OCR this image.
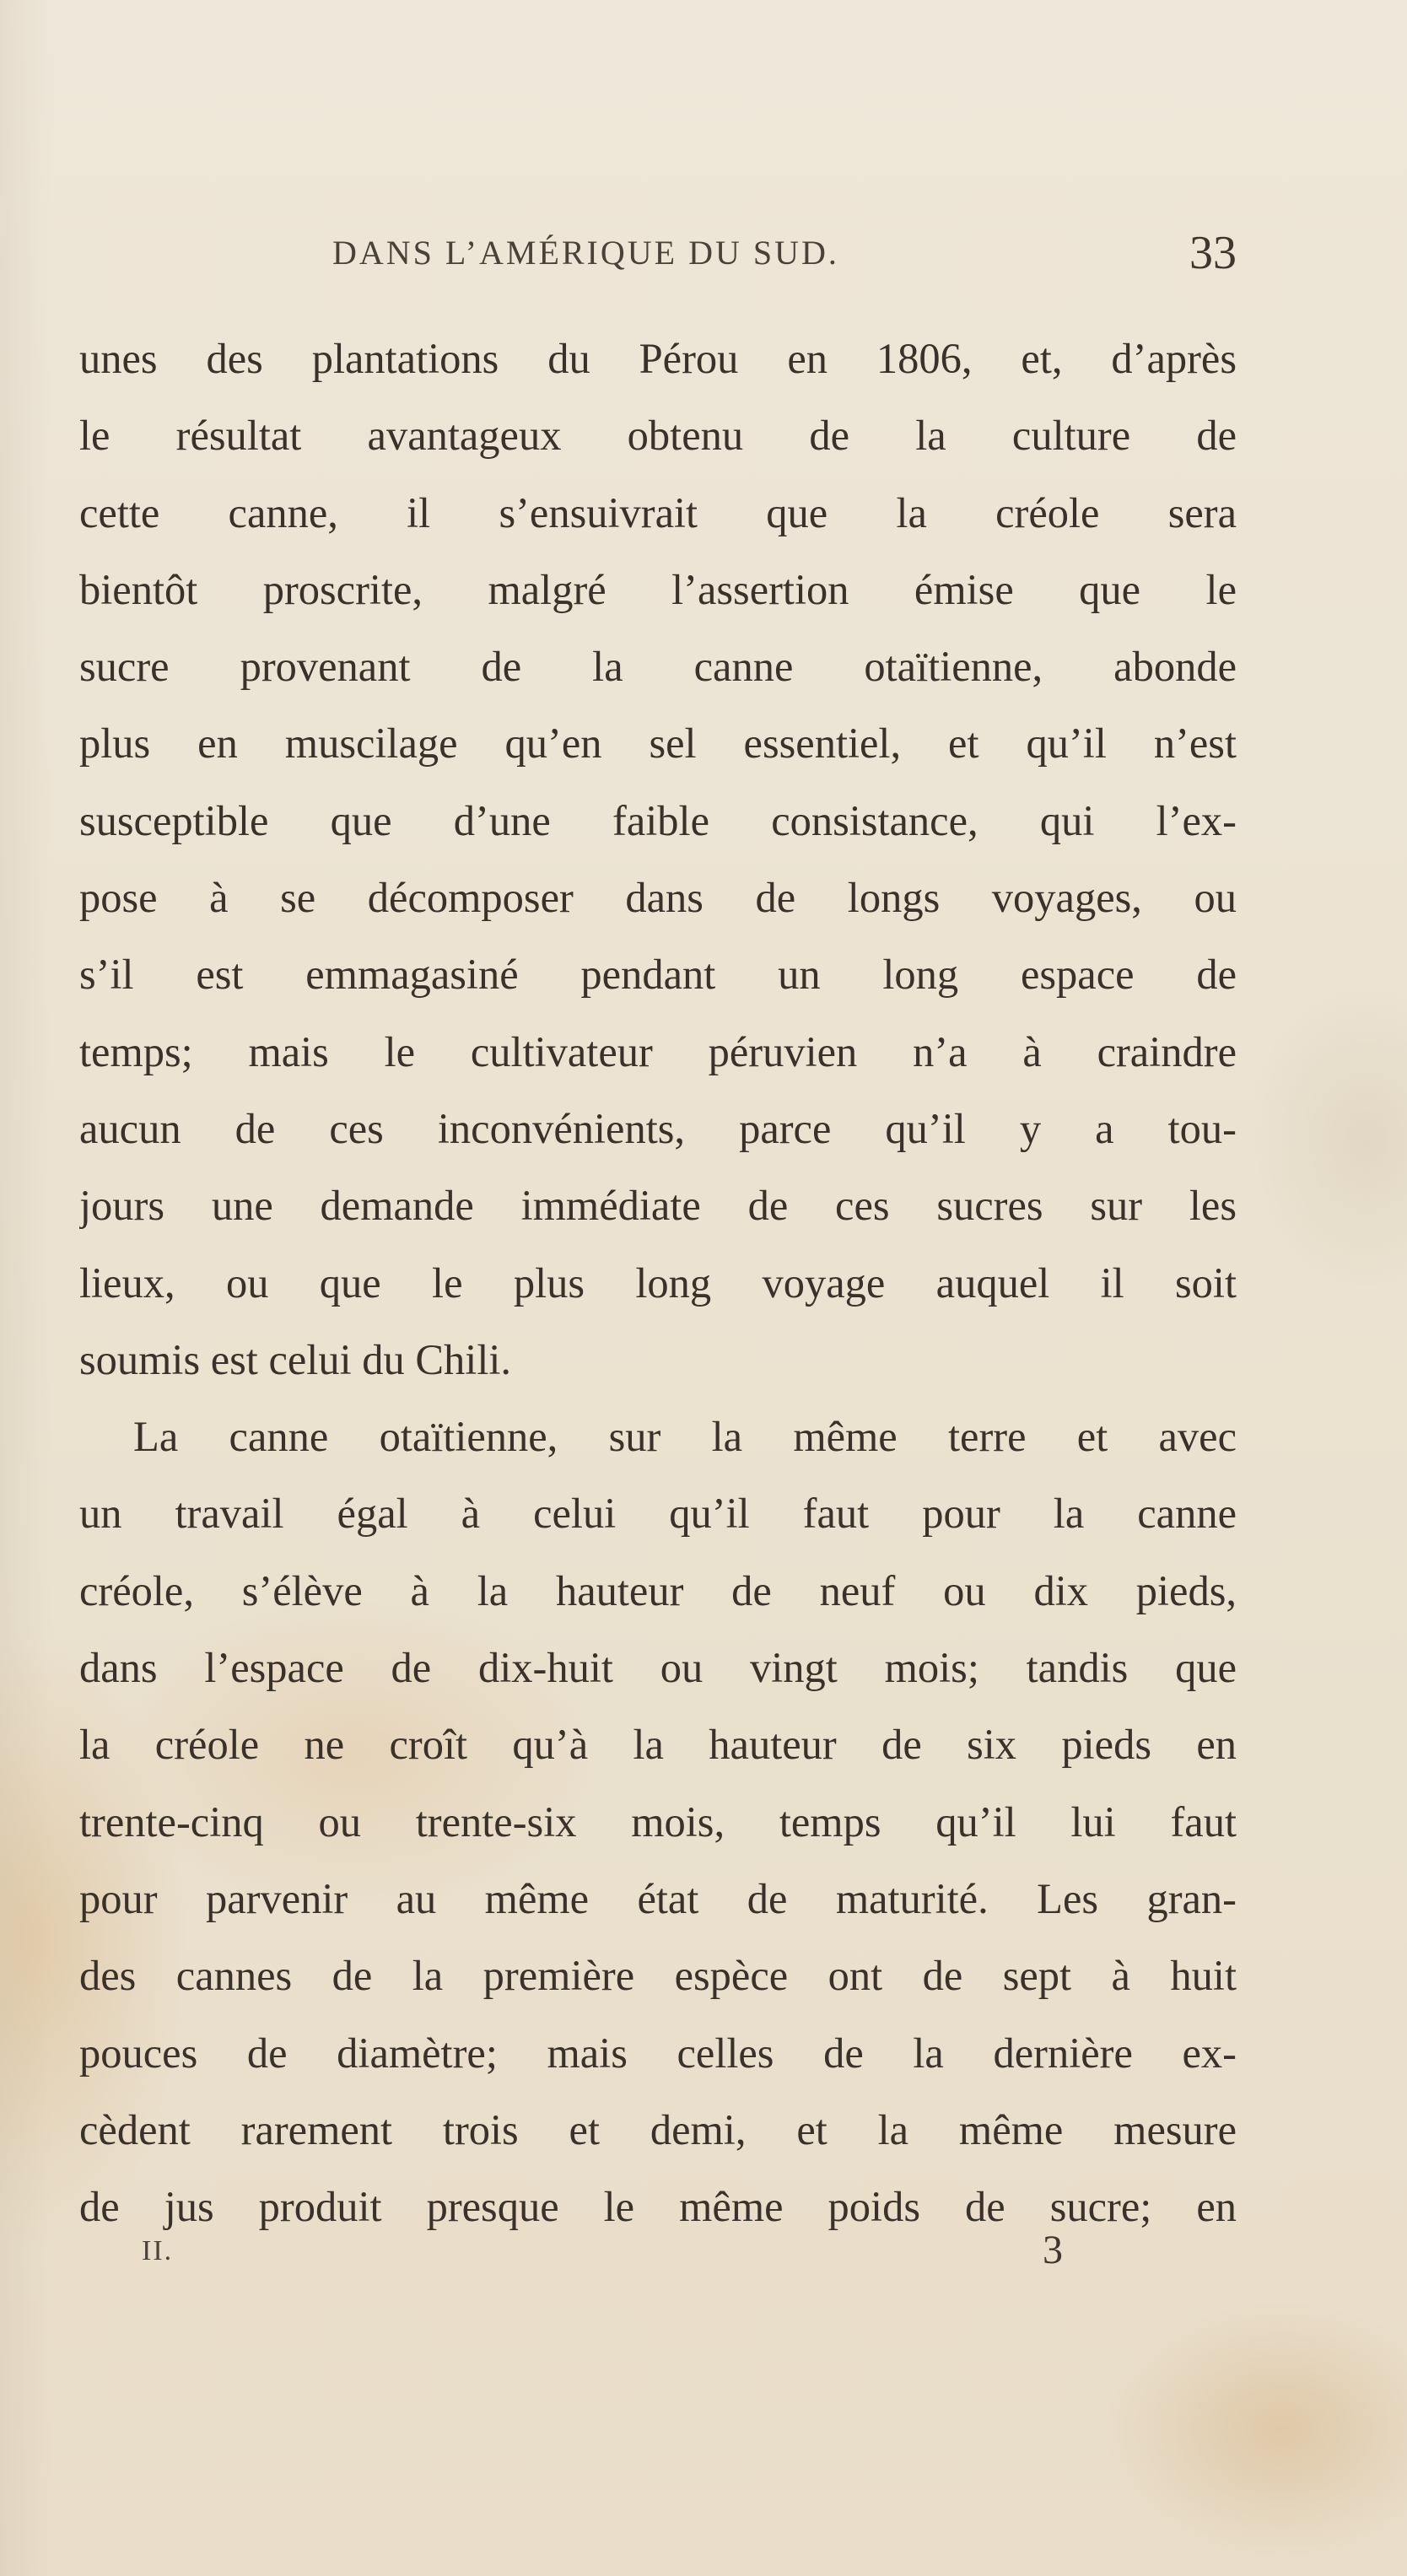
DANS L’AMÉRIQUE DU SUD.	33
unes des plantations du Pérou en 1806, et, d’après
le résultat avantageux obtenu de la culture de
cette canne, il s’ensuivrait que la créole sera
bientôt proscrite, malgré l’assertion émise que le
sucre provenant de la canne otaïtienne, abonde
plus en muscilage qu’en sel essentiel, et qu’il n’est
susceptible que d’une faible consistance, qui l’ex-
pose à se décomposer dans de longs voyages, ou
s’il est emmagasiné pendant un long espace de
temps; mais le cultivateur péruvien n’a à craindre
aucun de ces inconvénients, parce qu’il y a tou-
jours une demande immédiate de ces sucres sur les
lieux, ou que le plus long voyage auquel il soit
soumis est celui du Chili.
La canne otaïtienne, sur la même terre et avec
un travail égal à celui qu’il faut pour la canne
créole, s’élève à la hauteur de neuf ou dix pieds,
dans l’espace de dix-huit ou vingt mois; tandis que
la créole ne croît qu’à la hauteur de six pieds en
trente-cinq ou trente-six mois, temps qu’il lui faut
pour parvenir au même état de maturité. Les gran-
des cannes de la première espèce ont de sept à huit
pouces de diamètre; mais celles de la dernière ex-
cèdent rarement trois et demi, et la même mesure
de jus produit presque le même poids de sucre; en
II.	3
